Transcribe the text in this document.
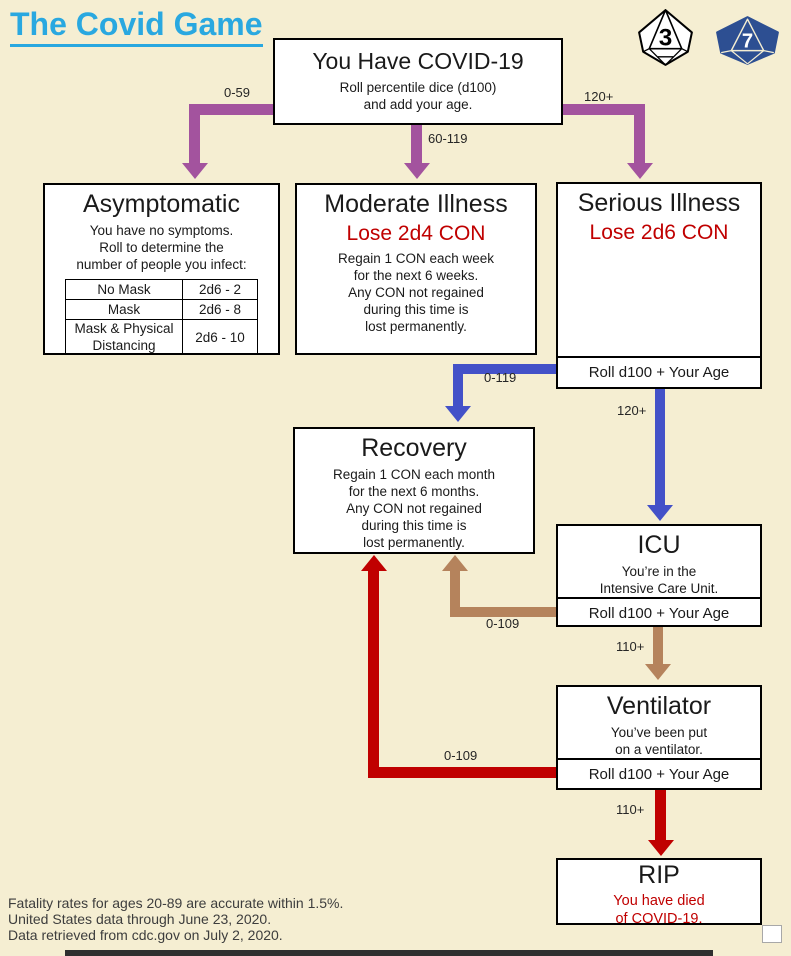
The Covid Game	3	7
You Have COVID-19
Roll percentile dice (d100)
and add your age.
0-59
60-119
120+
Asymptomatic
You have no symptoms.
Roll to determine the
number of people you infect:
No Mask	2d6 - 2
Mask	2d6 - 8
Mask & Physical Distancing	2d6 - 10
Moderate Illness
Lose 2d4 CON
Regain 1 CON each week
for the next 6 weeks.
Any CON not regained
during this time is
lost permanently.
Serious Illness
Lose 2d6 CON
Roll d100 + Your Age
0-119
120+
Recovery
Regain 1 CON each month
for the next 6 months.
Any CON not regained
during this time is
lost permanently.	ICU
You’re in the
Intensive Care Unit.
Roll d100 + Your Age
0-109
110+
Ventilator
You’ve been put
on a ventilator.
Roll d100 + Your Age
0-109
110+
RIP
You have died
of COVID-19.
Fatality rates for ages 20-89 are accurate within 1.5%.
United States data through June 23, 2020.
Data retrieved from cdc.gov on July 2, 2020.
